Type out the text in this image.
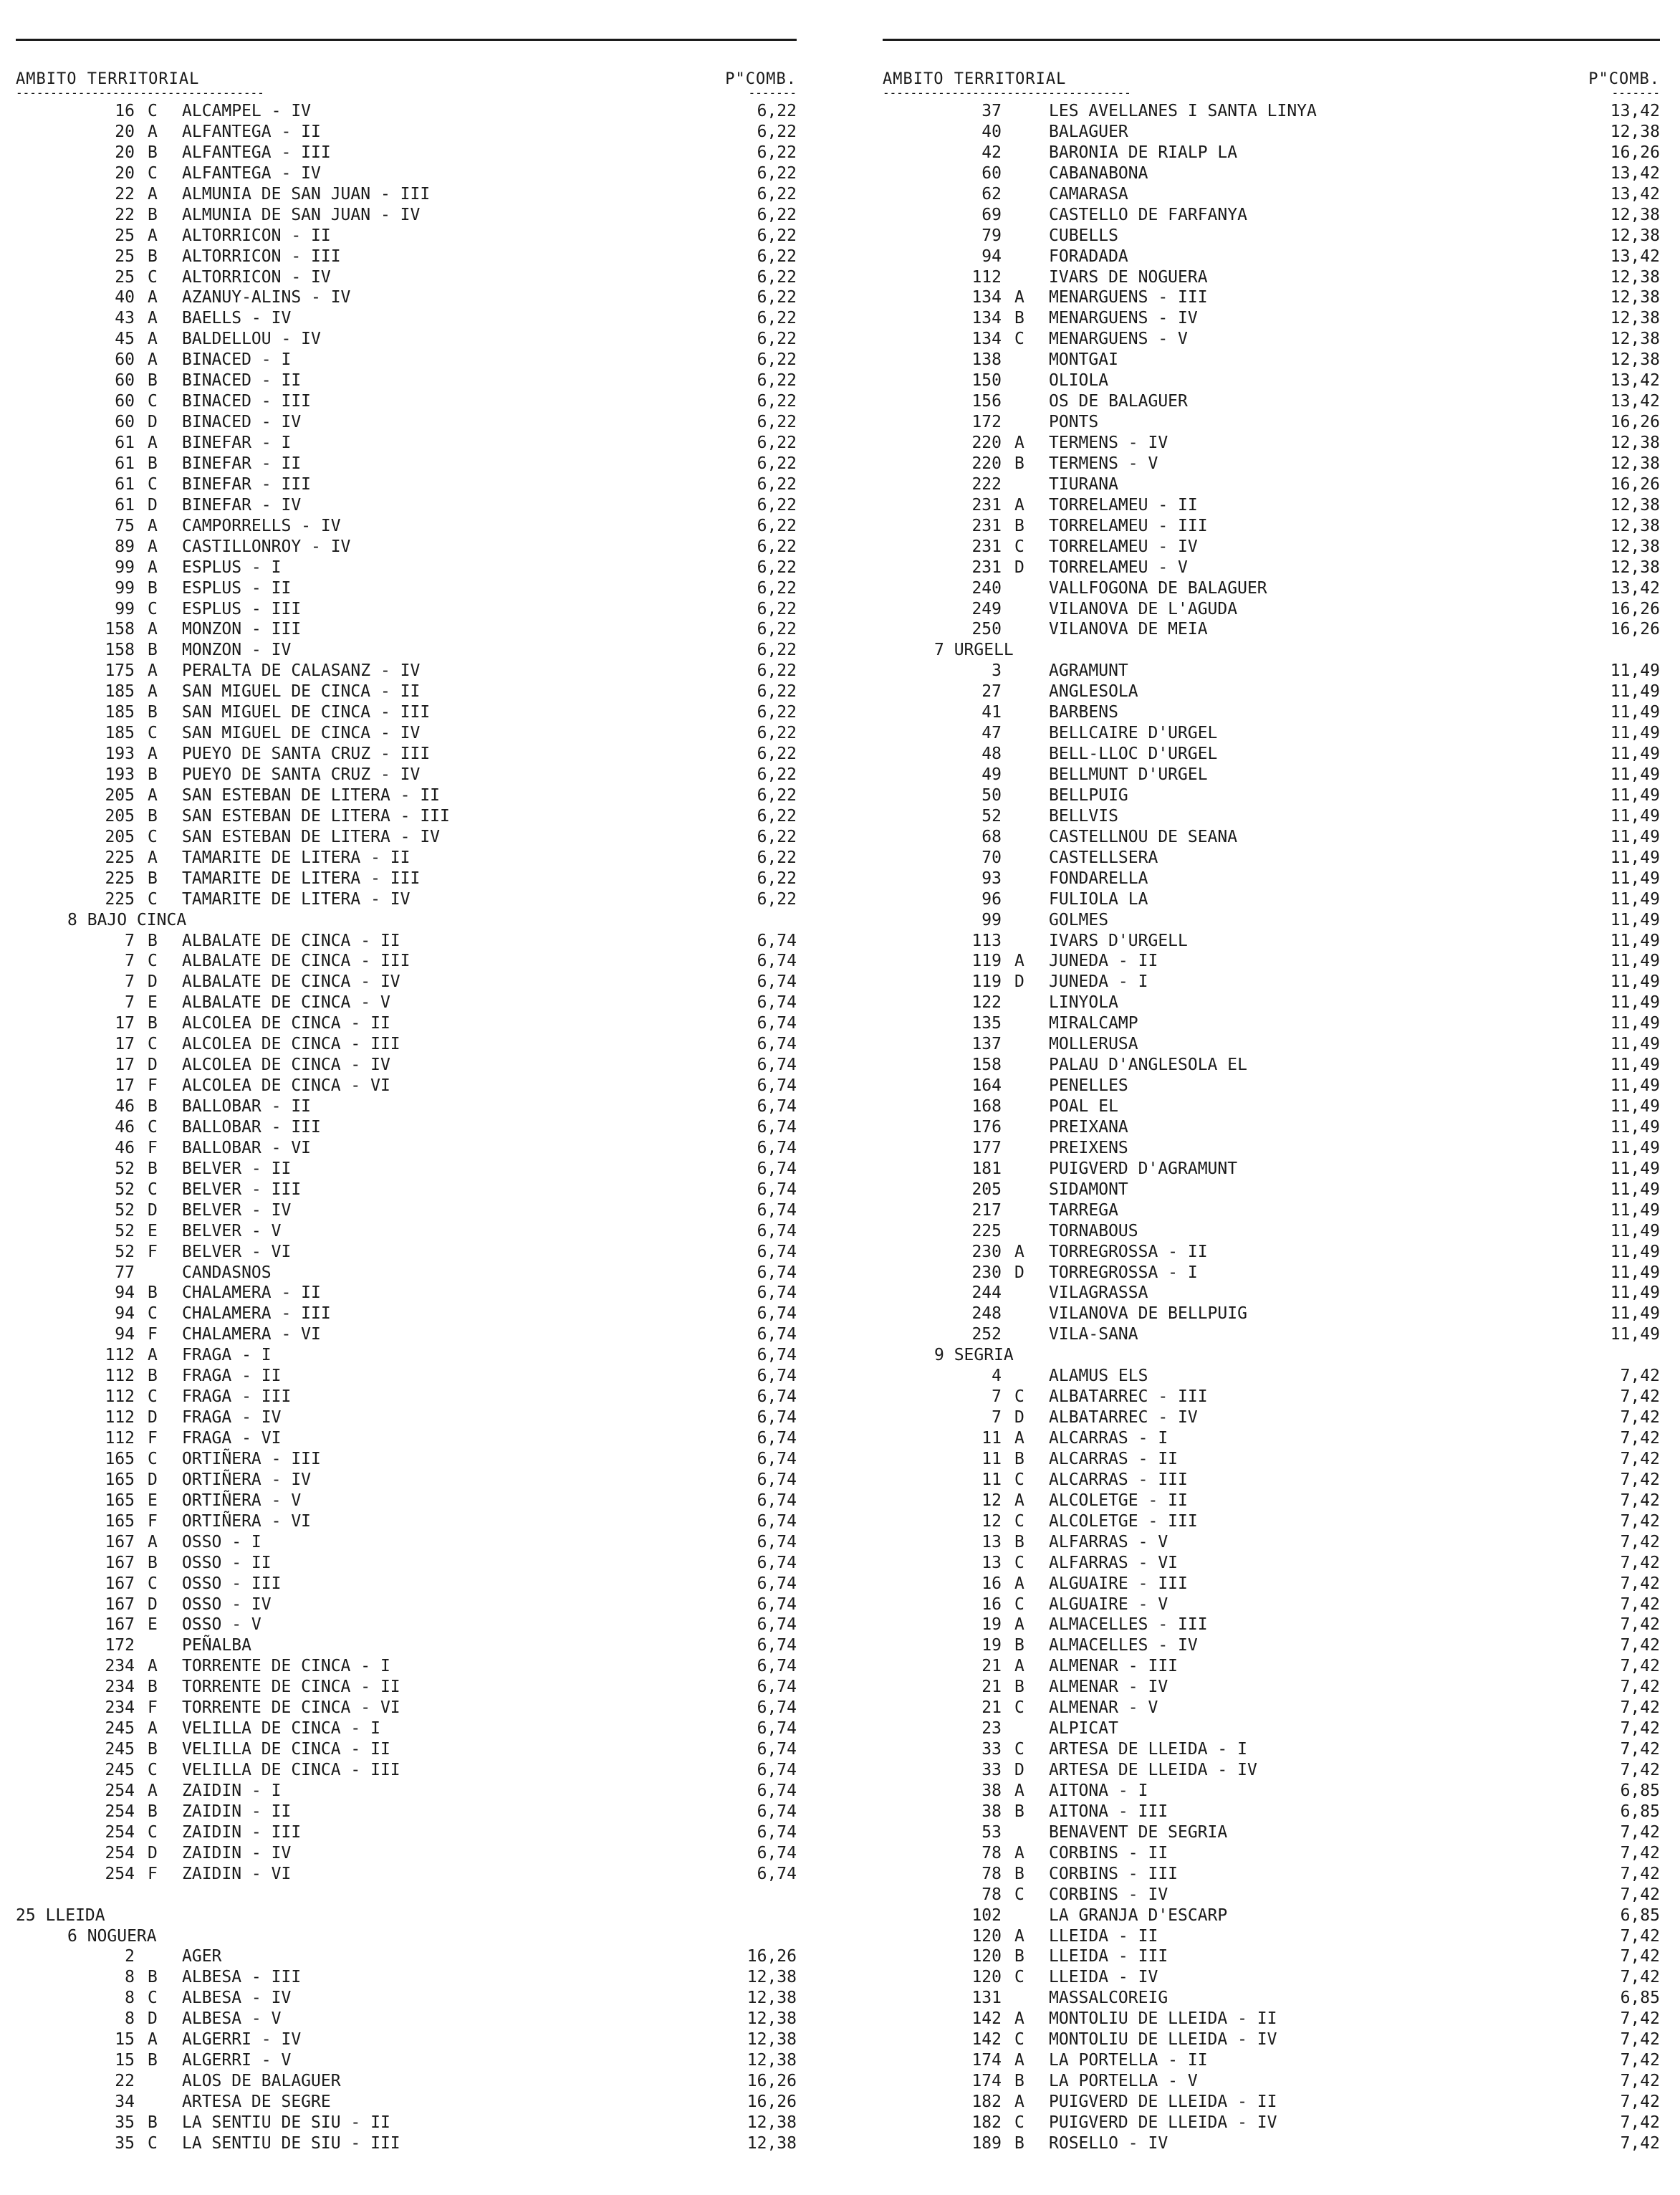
AMBITO TERRITORIAL	P"COMB.
------------------------------------	-------
16 C ALCAMPEL - IV	6,22
20 A ALFANTEGA - II	6,22
20 B ALFANTEGA - III	6,22
20 C ALFANTEGA - IV	6,22
22 A ALMUNIA DE SAN JUAN - III	6,22
22 B ALMUNIA DE SAN JUAN - IV	6,22
25 A ALTORRICON - II	6,22
25 B ALTORRICON - III	6,22
25 C ALTORRICON - IV	6,22
40 A AZANUY-ALINS - IV	6,22
43 A BAELLS - IV	6,22
45 A BALDELLOU - IV	6,22
60 A BINACED - I	6,22
60 B BINACED - II	6,22
60 C BINACED - III	6,22
60 D BINACED - IV	6,22
61 A BINEFAR - I	6,22
61 B BINEFAR - II	6,22
61 C BINEFAR - III	6,22
61 D BINEFAR - IV	6,22
75 A CAMPORRELLS - IV	6,22
89 A CASTILLONROY - IV	6,22
99 A ESPLUS - I	6,22
99 B ESPLUS - II	6,22
99 C ESPLUS - III	6,22
158 A MONZON - III	6,22
158 B MONZON - IV	6,22
175 A PERALTA DE CALASANZ - IV	6,22
185 A SAN MIGUEL DE CINCA - II	6,22
185 B SAN MIGUEL DE CINCA - III	6,22
185 C SAN MIGUEL DE CINCA - IV	6,22
193 A PUEYO DE SANTA CRUZ - III	6,22
193 B PUEYO DE SANTA CRUZ - IV	6,22
205 A SAN ESTEBAN DE LITERA - II	6,22
205 B SAN ESTEBAN DE LITERA - III	6,22
205 C SAN ESTEBAN DE LITERA - IV	6,22
225 A TAMARITE DE LITERA - II	6,22
225 B TAMARITE DE LITERA - III	6,22
225 C TAMARITE DE LITERA - IV	6,22
8 BAJO CINCA
7 B ALBALATE DE CINCA - II	6,74
7 C ALBALATE DE CINCA - III	6,74
7 D ALBALATE DE CINCA - IV	6,74
7 E ALBALATE DE CINCA - V	6,74
17 B ALCOLEA DE CINCA - II	6,74
17 C ALCOLEA DE CINCA - III	6,74
17 D ALCOLEA DE CINCA - IV	6,74
17 F ALCOLEA DE CINCA - VI	6,74
46 B BALLOBAR - II	6,74
46 C BALLOBAR - III	6,74
46 F BALLOBAR - VI	6,74
52 B BELVER - II	6,74
52 C BELVER - III	6,74
52 D BELVER - IV	6,74
52 E BELVER - V	6,74
52 F BELVER - VI	6,74
77	CANDASNOS	6,74
94 B CHALAMERA - II	6,74
94 C CHALAMERA - III	6,74
94 F CHALAMERA - VI	6,74
112 A FRAGA - I	6,74
112 B FRAGA - II	6,74
112 C FRAGA - III	6,74
112 D FRAGA - IV	6,74
112 F FRAGA - VI	6,74
165 C ORTIÑERA - III	6,74
165 D ORTIÑERA - IV	6,74
165 E ORTIÑERA - V	6,74
165 F ORTIÑERA - VI	6,74
167 A OSSO - I	6,74
167 B OSSO - II	6,74
167 C OSSO - III	6,74
167 D OSSO - IV	6,74
167 E OSSO - V	6,74
172	PEÑALBA	6,74
234 A TORRENTE DE CINCA - I	6,74
234 B TORRENTE DE CINCA - II	6,74
234 F TORRENTE DE CINCA - VI	6,74
245 A VELILLA DE CINCA - I	6,74
245 B VELILLA DE CINCA - II	6,74
245 C VELILLA DE CINCA - III	6,74
254 A ZAIDIN - I	6,74
254 B ZAIDIN - II	6,74
254 C ZAIDIN - III	6,74
254 D ZAIDIN - IV	6,74
254 F ZAIDIN - VI	6,74
25 LLEIDA
6 NOGUERA
2	AGER	16,26
8 B ALBESA - III	12,38
8 C ALBESA - IV	12,38
8 D ALBESA - V	12,38
15 A ALGERRI - IV	12,38
15 B ALGERRI - V	12,38
22	ALOS DE BALAGUER	16,26
34	ARTESA DE SEGRE	16,26
35 B LA SENTIU DE SIU - II	12,38
35 C LA SENTIU DE SIU - III	12,38
AMBITO TERRITORIAL	P"COMB.
------------------------------------	-------
37	LES AVELLANES I SANTA LINYA	13,42
40	BALAGUER	12,38
42	BARONIA DE RIALP LA	16,26
60	CABANABONA	13,42
62	CAMARASA	13,42
69	CASTELLO DE FARFANYA	12,38
79	CUBELLS	12,38
94	FORADADA	13,42
112	IVARS DE NOGUERA	12,38
134 A MENARGUENS - III	12,38
134 B MENARGUENS - IV	12,38
134 C MENARGUENS - V	12,38
138	MONTGAI	12,38
150	OLIOLA	13,42
156	OS DE BALAGUER	13,42
172	PONTS	16,26
220 A TERMENS - IV	12,38
220 B TERMENS - V	12,38
222	TIURANA	16,26
231 A TORRELAMEU - II	12,38
231 B TORRELAMEU - III	12,38
231 C TORRELAMEU - IV	12,38
231 D TORRELAMEU - V	12,38
240	VALLFOGONA DE BALAGUER	13,42
249	VILANOVA DE L'AGUDA	16,26
250	VILANOVA DE MEIA	16,26
7 URGELL
3	AGRAMUNT	11,49
27	ANGLESOLA	11,49
41	BARBENS	11,49
47	BELLCAIRE D'URGEL	11,49
48	BELL-LLOC D'URGEL	11,49
49	BELLMUNT D'URGEL	11,49
50	BELLPUIG	11,49
52	BELLVIS	11,49
68	CASTELLNOU DE SEANA	11,49
70	CASTELLSERA	11,49
93	FONDARELLA	11,49
96	FULIOLA LA	11,49
99	GOLMES	11,49
113	IVARS D'URGELL	11,49
119 A JUNEDA - II	11,49
119 D JUNEDA - I	11,49
122	LINYOLA	11,49
135	MIRALCAMP	11,49
137	MOLLERUSA	11,49
158	PALAU D'ANGLESOLA EL	11,49
164	PENELLES	11,49
168	POAL EL	11,49
176	PREIXANA	11,49
177	PREIXENS	11,49
181	PUIGVERD D'AGRAMUNT	11,49
205	SIDAMONT	11,49
217	TARREGA	11,49
225	TORNABOUS	11,49
230 A TORREGROSSA - II	11,49
230 D TORREGROSSA - I	11,49
244	VILAGRASSA	11,49
248	VILANOVA DE BELLPUIG	11,49
252	VILA-SANA	11,49
9 SEGRIA
4	ALAMUS ELS	7,42
7 C ALBATARREC - III	7,42
7 D ALBATARREC - IV	7,42
11 A ALCARRAS - I	7,42
11 B ALCARRAS - II	7,42
11 C ALCARRAS - III	7,42
12 A ALCOLETGE - II	7,42
12 C ALCOLETGE - III	7,42
13 B ALFARRAS - V	7,42
13 C ALFARRAS - VI	7,42
16 A ALGUAIRE - III	7,42
16 C ALGUAIRE - V	7,42
19 A ALMACELLES - III	7,42
19 B ALMACELLES - IV	7,42
21 A ALMENAR - III	7,42
21 B ALMENAR - IV	7,42
21 C ALMENAR - V	7,42
23	ALPICAT	7,42
33 C ARTESA DE LLEIDA - I	7,42
33 D ARTESA DE LLEIDA - IV	7,42
38 A AITONA - I	6,85
38 B AITONA - III	6,85
53	BENAVENT DE SEGRIA	7,42
78 A CORBINS - II	7,42
78 B CORBINS - III	7,42
78 C CORBINS - IV	7,42
102	LA GRANJA D'ESCARP	6,85
120 A LLEIDA - II	7,42
120 B LLEIDA - III	7,42
120 C LLEIDA - IV	7,42
131	MASSALCOREIG	6,85
142 A MONTOLIU DE LLEIDA - II	7,42
142 C MONTOLIU DE LLEIDA - IV	7,42
174 A LA PORTELLA - II	7,42
174 B LA PORTELLA - V	7,42
182 A PUIGVERD DE LLEIDA - II	7,42
182 C PUIGVERD DE LLEIDA - IV	7,42
189 B ROSELLO - IV	7,42
